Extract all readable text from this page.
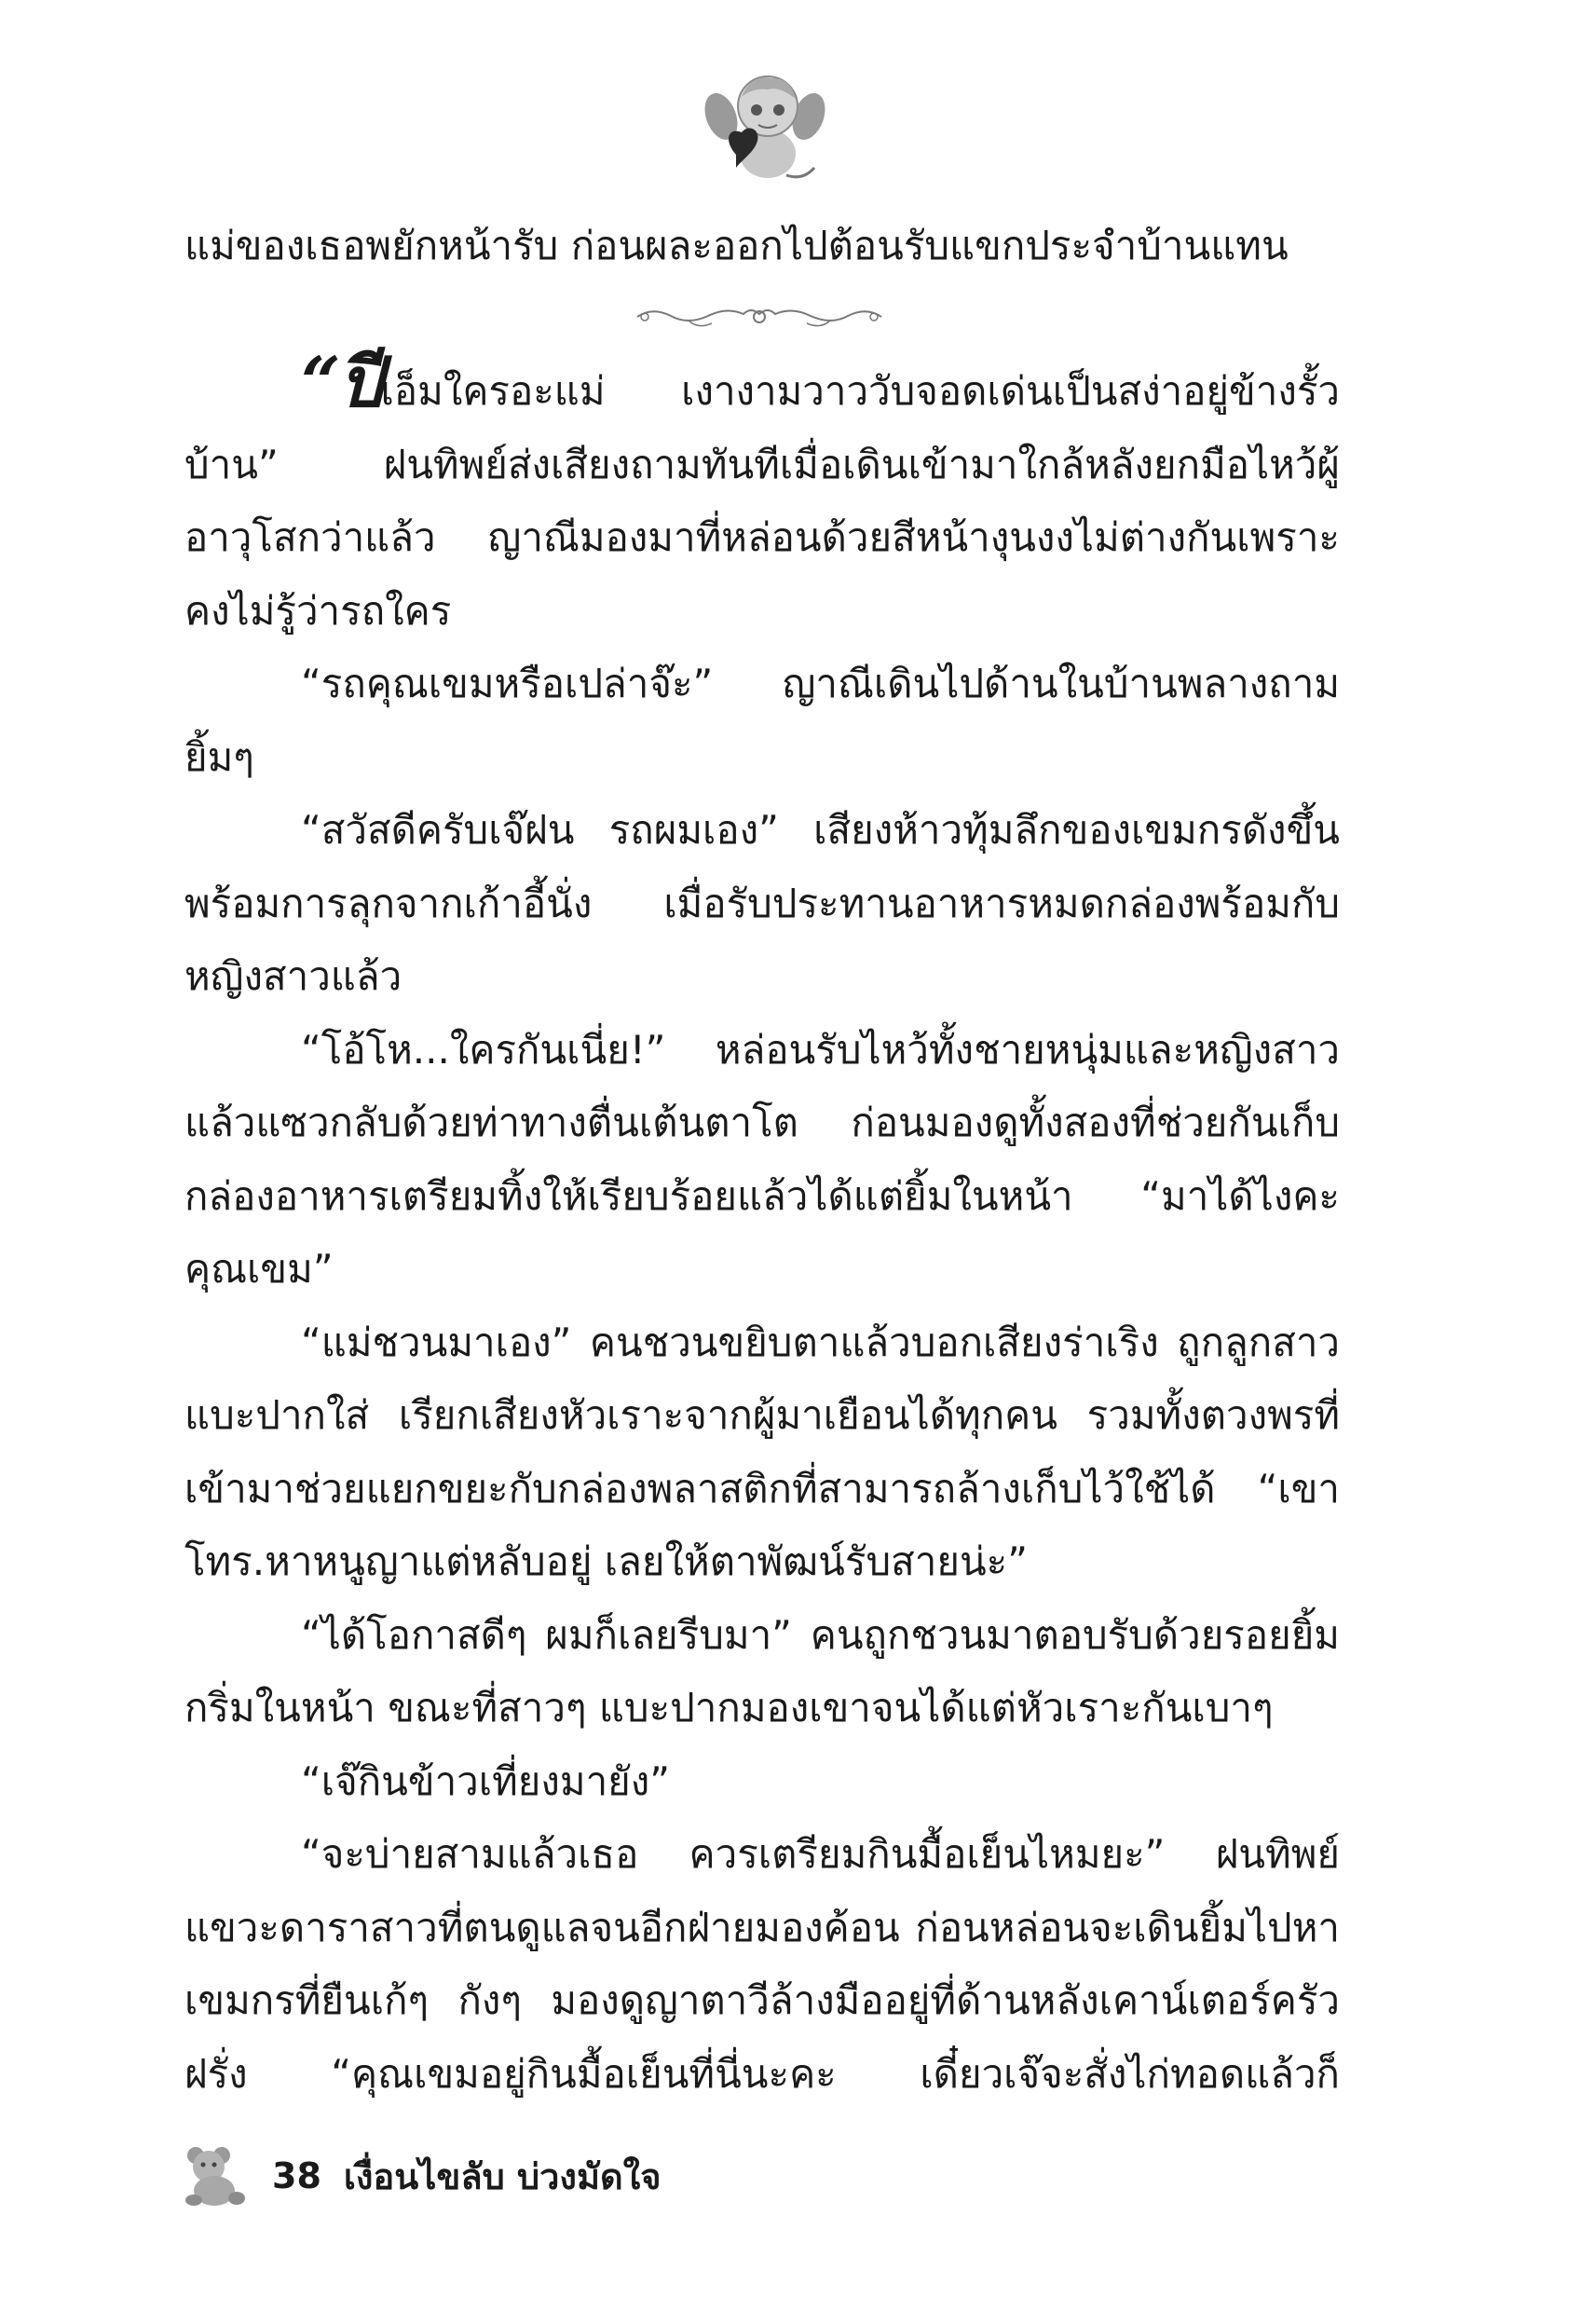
แม่ของเธอพยักหน้ารับ ก่อนผละออกไปต้อนรับแขกประจำบ้านแทน

“ปีเอ็มใครอะแม่ เงางามวาววับจอดเด่นเป็นสง่าอยู่ข้างรั้วบ้าน” ฝนทิพย์ส่งเสียงถามทันทีเมื่อเดินเข้ามาใกล้หลังยกมือไหว้ผู้อาวุโสกว่าแล้ว ญาณีมองมาที่หล่อนด้วยสีหน้างุนงงไม่ต่างกันเพราะคงไม่รู้ว่ารถใคร

“รถคุณเขมหรือเปล่าจ๊ะ” ญาณีเดินไปด้านในบ้านพลางถามยิ้มๆ

“สวัสดีครับเจ๊ฝน รถผมเอง” เสียงห้าวทุ้มลึกของเขมกรดังขึ้นพร้อมการลุกจากเก้าอี้นั่ง เมื่อรับประทานอาหารหมดกล่องพร้อมกับหญิงสาวแล้ว

“โอ้โห...ใครกันเนี่ย!” หล่อนรับไหว้ทั้งชายหนุ่มและหญิงสาวแล้วแซวกลับด้วยท่าทางตื่นเต้นตาโต ก่อนมองดูทั้งสองที่ช่วยกันเก็บกล่องอาหารเตรียมทิ้งให้เรียบร้อยแล้วได้แต่ยิ้มในหน้า “มาได้ไงคะคุณเขม”

“แม่ชวนมาเอง” คนชวนขยิบตาแล้วบอกเสียงร่าเริง ถูกลูกสาวแบะปากใส่ เรียกเสียงหัวเราะจากผู้มาเยือนได้ทุกคน รวมทั้งตวงพรที่เข้ามาช่วยแยกขยะกับกล่องพลาสติกที่สามารถล้างเก็บไว้ใช้ได้ “เขาโทร.หาหนูญาแต่หลับอยู่ เลยให้ตาพัฒน์รับสายน่ะ”

“ได้โอกาสดีๆ ผมก็เลยรีบมา” คนถูกชวนมาตอบรับด้วยรอยยิ้มกริ่มในหน้า ขณะที่สาวๆ แบะปากมองเขาจนได้แต่หัวเราะกันเบาๆ

“เจ๊กินข้าวเที่ยงมายัง”

“จะบ่ายสามแล้วเธอ ควรเตรียมกินมื้อเย็นไหมยะ” ฝนทิพย์แขวะดาราสาวที่ตนดูแลจนอีกฝ่ายมองค้อน ก่อนหล่อนจะเดินยิ้มไปหาเขมกรที่ยืนเก้ๆ กังๆ มองดูญาตาวีล้างมืออยู่ที่ด้านหลังเคาน์เตอร์ครัวฝรั่ง “คุณเขมอยู่กินมื้อเย็นที่นี่นะคะ เดี๋ยวเจ๊จะสั่งไก่ทอดแล้วก็

38 เงื่อนไขลับ บ่วงมัดใจ
